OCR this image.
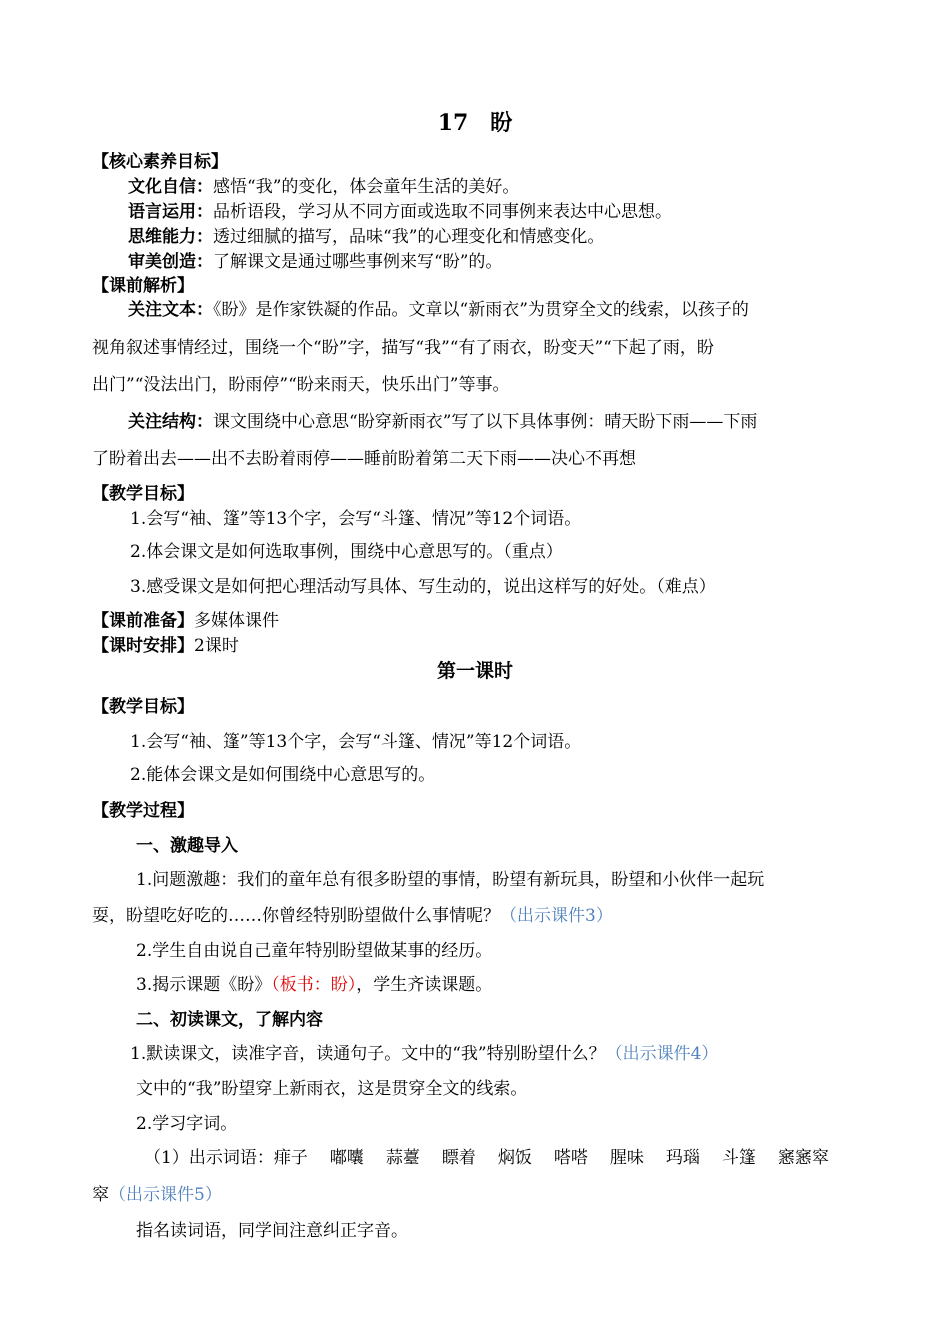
17　盼
【核心素养目标】
文化自信：感悟“我”的变化，体会童年生活的美好。
语言运用：品析语段，学习从不同方面或选取不同事例来表达中心思想。
思维能力：透过细腻的描写，品味“我”的心理变化和情感变化。
审美创造：了解课文是通过哪些事例来写“盼”的。
【课前解析】
关注文本：《盼》是作家铁凝的作品。文章以“新雨衣”为贯穿全文的线索，以孩子的
视角叙述事情经过，围绕一个“盼”字，描写“我”“有了雨衣，盼变天”“下起了雨，盼
出门”“没法出门，盼雨停”“盼来雨天，快乐出门”等事。
关注结构：课文围绕中心意思“盼穿新雨衣”写了以下具体事例：晴天盼下雨——下雨
了盼着出去——出不去盼着雨停——睡前盼着第二天下雨——决心不再想
【教学目标】
1.会写“袖、篷”等13个字，会写“斗篷、情况”等12个词语。
2.体会课文是如何选取事例，围绕中心意思写的。（重点）
3.感受课文是如何把心理活动写具体、写生动的，说出这样写的好处。（难点）
【课前准备】多媒体课件
【课时安排】2课时
第一课时
【教学目标】
1.会写“袖、篷”等13个字，会写“斗篷、情况”等12个词语。
2.能体会课文是如何围绕中心意思写的。
【教学过程】
一、激趣导入
1.问题激趣：我们的童年总有很多盼望的事情，盼望有新玩具，盼望和小伙伴一起玩
耍，盼望吃好吃的……你曾经特别盼望做什么事情呢？（出示课件3）
2.学生自由说自己童年特别盼望做某事的经历。
3.揭示课题《盼》（板书：盼），学生齐读课题。
二、初读课文，了解内容
1.默读课文，读准字音，读通句子。文中的“我”特别盼望什么？（出示课件4）
文中的“我”盼望穿上新雨衣，这是贯穿全文的线索。
2.学习字词。
（1）出示词语：痱子 嘟囔 蒜薹 瞟着 焖饭 嗒嗒 腥味 玛瑙 斗篷 窸窸窣
窣（出示课件5）
指名读词语，同学间注意纠正字音。
